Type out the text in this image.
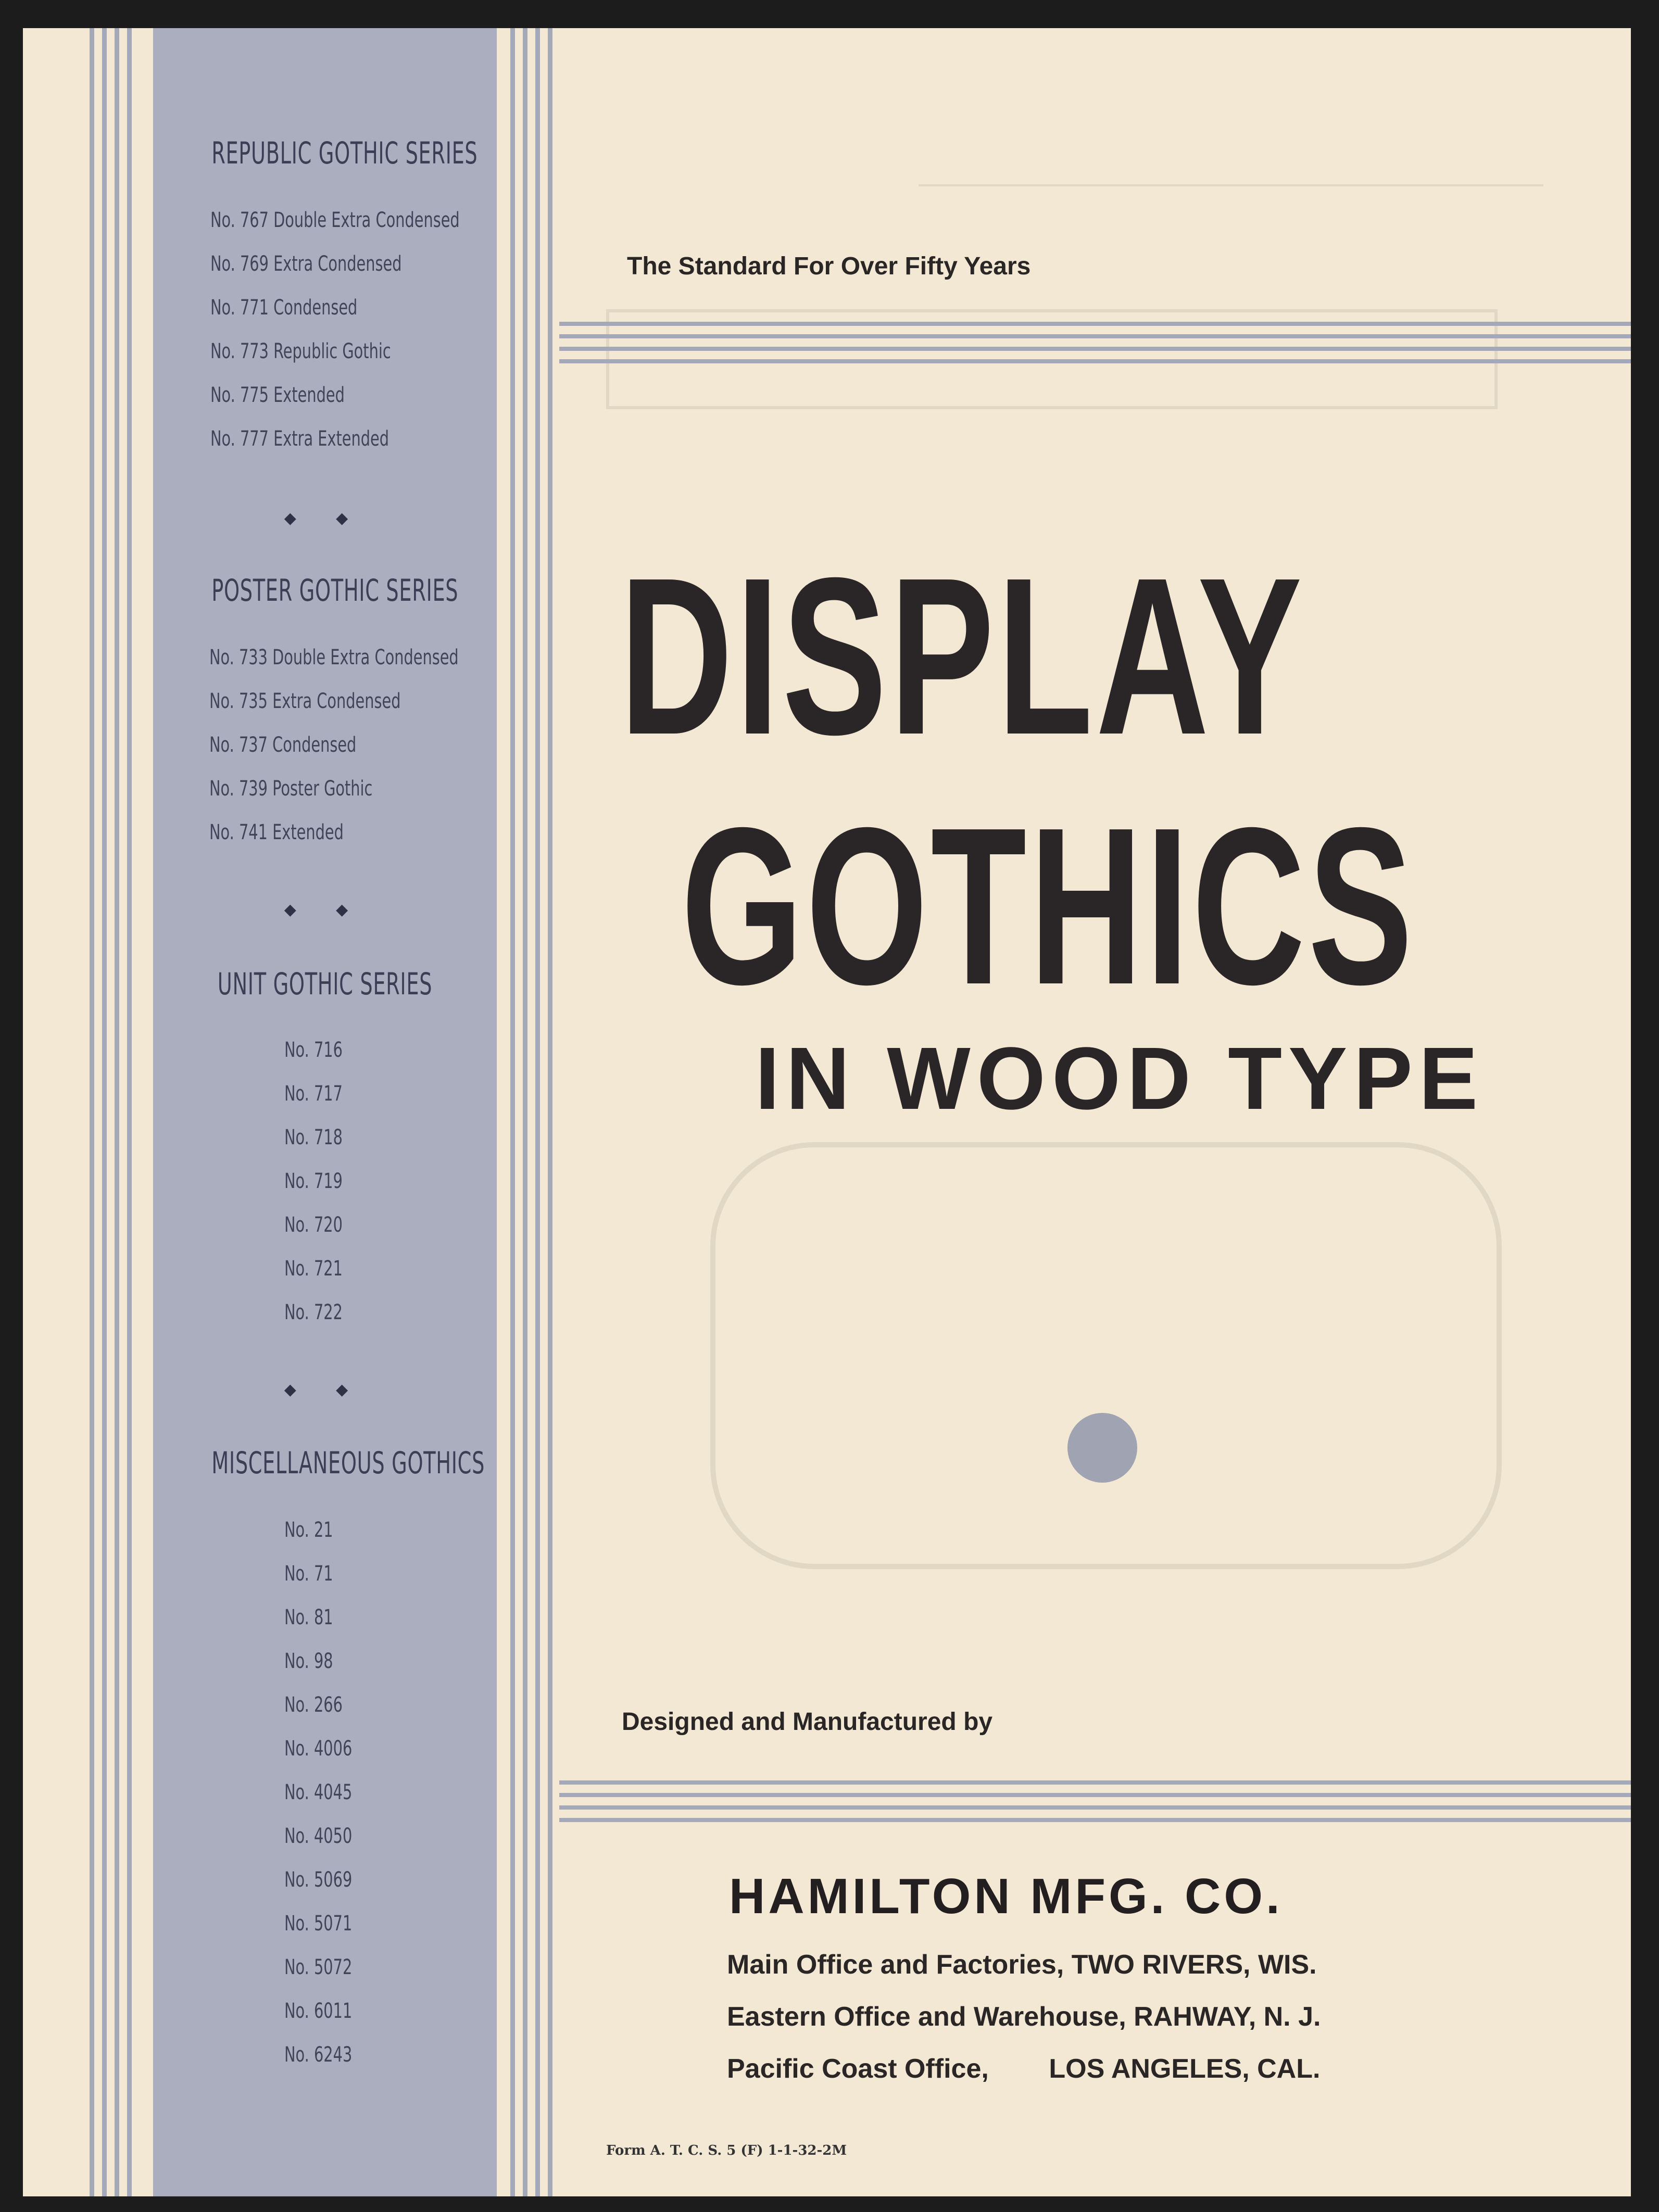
REPUBLIC GOTHIC SERIES
No. 767 Double Extra Condensed
No. 769 Extra Condensed
No. 771 Condensed
No. 773 Republic Gothic
No. 775 Extended
No. 777 Extra Extended
◆ ◆
POSTER GOTHIC SERIES
No. 733 Double Extra Condensed
No. 735 Extra Condensed
No. 737 Condensed
No. 739 Poster Gothic
No. 741 Extended
◆ ◆
UNIT GOTHIC SERIES
No. 716
No. 717
No. 718
No. 719
No. 720
No. 721
No. 722
◆ ◆
MISCELLANEOUS GOTHICS
No. 21
No. 71
No. 81
No. 98
No. 266
No. 4006
No. 4045
No. 4050
No. 5069
No. 5071
No. 5072
No. 6011
No. 6243
The Standard For Over Fifty Years
DISPLAY
GOTHICS
IN WOOD TYPE
Designed and Manufactured by
HAMILTON MFG. CO.
Main Office and Factories, TWO RIVERS, WIS.
Eastern Office and Warehouse, RAHWAY, N. J.
Pacific Coast Office,        LOS ANGELES, CAL.
Form A. T. C. S. 5 (F) 1-1-32-2M
